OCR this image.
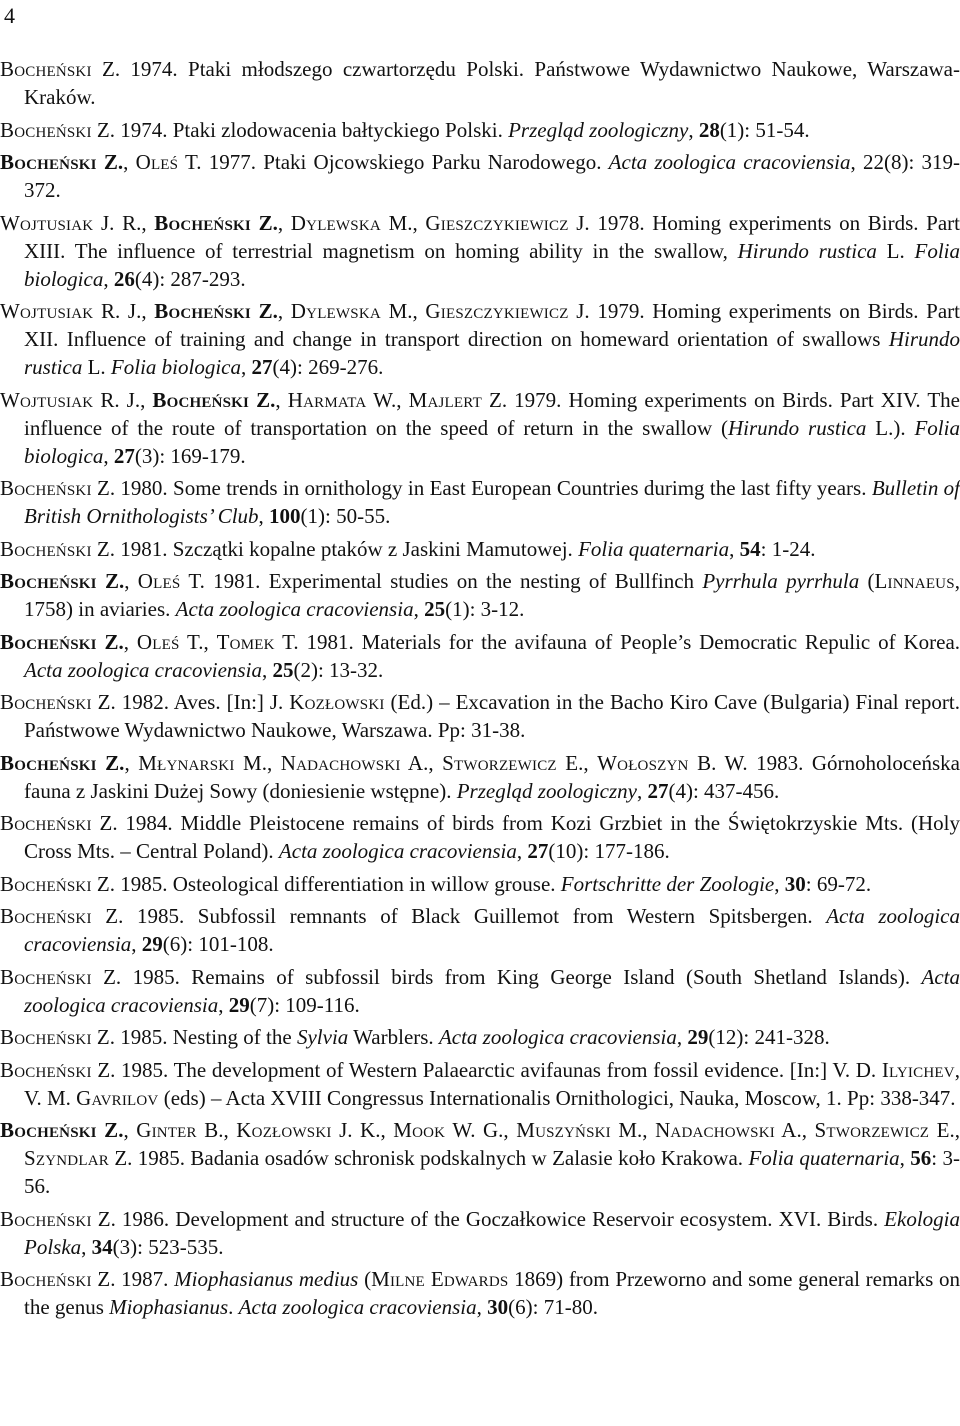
4

Bocheński Z. 1974. Ptaki młodszego czwartorzędu Polski. Państwowe Wydawnictwo Naukowe, Warszawa-Kraków.

Bocheński Z. 1974. Ptaki zlodowacenia bałtyckiego Polski. Przegląd zoologiczny, 28(1): 51-54.

Bocheński Z., Oleś T. 1977. Ptaki Ojcowskiego Parku Narodowego. Acta zoologica cracoviensia, 22(8): 319-372.

Wojtusiak J. R., Bocheński Z., Dylewska M., Gieszczykiewicz J. 1978. Homing experiments on Birds. Part XIII. The influence of terrestrial magnetism on homing ability in the swallow, Hirundo rustica L. Folia biologica, 26(4): 287-293.

Wojtusiak R. J., Bocheński Z., Dylewska M., Gieszczykiewicz J. 1979. Homing experiments on Birds. Part XII. Influence of training and change in transport direction on homeward orientation of swallows Hirundo rustica L. Folia biologica, 27(4): 269-276.

Wojtusiak R. J., Bocheński Z., Harmata W., Majlert Z. 1979. Homing experiments on Birds. Part XIV. The influence of the route of transportation on the speed of return in the swallow (Hirundo rustica L.). Folia biologica, 27(3): 169-179.

Bocheński Z. 1980. Some trends in ornithology in East European Countries durimg the last fifty years. Bulletin of British Ornithologists’ Club, 100(1): 50-55.

Bocheński Z. 1981. Szczątki kopalne ptaków z Jaskini Mamutowej. Folia quaternaria, 54: 1-24.

Bocheński Z., Oleś T. 1981. Experimental studies on the nesting of Bullfinch Pyrrhula pyrrhula (Linnaeus, 1758) in aviaries. Acta zoologica cracoviensia, 25(1): 3-12.

Bocheński Z., Oleś T., Tomek T. 1981. Materials for the avifauna of People’s Democratic Repulic of Korea. Acta zoologica cracoviensia, 25(2): 13-32.

Bocheński Z. 1982. Aves. [In:] J. Kozłowski (Ed.) – Excavation in the Bacho Kiro Cave (Bulgaria) Final report. Państwowe Wydawnictwo Naukowe, Warszawa. Pp: 31-38.

Bocheński Z., Młynarski M., Nadachowski A., Stworzewicz E., Wołoszyn B. W. 1983. Górnoholoceńska fauna z Jaskini Dużej Sowy (doniesienie wstępne). Przegląd zoologiczny, 27(4): 437-456.

Bocheński Z. 1984. Middle Pleistocene remains of birds from Kozi Grzbiet in the Świętokrzyskie Mts. (Holy Cross Mts. – Central Poland). Acta zoologica cracoviensia, 27(10): 177-186.

Bocheński Z. 1985. Osteological differentiation in willow grouse. Fortschritte der Zoologie, 30: 69-72.

Bocheński Z. 1985. Subfossil remnants of Black Guillemot from Western Spitsbergen. Acta zoologica cracoviensia, 29(6): 101-108.

Bocheński Z. 1985. Remains of subfossil birds from King George Island (South Shetland Islands). Acta zoologica cracoviensia, 29(7): 109-116.

Bocheński Z. 1985. Nesting of the Sylvia Warblers. Acta zoologica cracoviensia, 29(12): 241-328.

Bocheński Z. 1985. The development of Western Palaearctic avifaunas from fossil evidence. [In:] V. D. Ilyichev, V. M. Gavrilov (eds) – Acta XVIII Congressus Internationalis Ornithologici, Nauka, Moscow, 1. Pp: 338-347.

Bocheński Z., Ginter B., Kozłowski J. K., Mook W. G., Muszyński M., Nadachowski A., Stworzewicz E., Szyndlar Z. 1985. Badania osadów schronisk podskalnych w Zalasie koło Krakowa. Folia quaternaria, 56: 3-56.

Bocheński Z. 1986. Development and structure of the Goczałkowice Reservoir ecosystem. XVI. Birds. Ekologia Polska, 34(3): 523-535.

Bocheński Z. 1987. Miophasianus medius (Milne Edwards 1869) from Przeworno and some general remarks on the genus Miophasianus. Acta zoologica cracoviensia, 30(6): 71-80.
